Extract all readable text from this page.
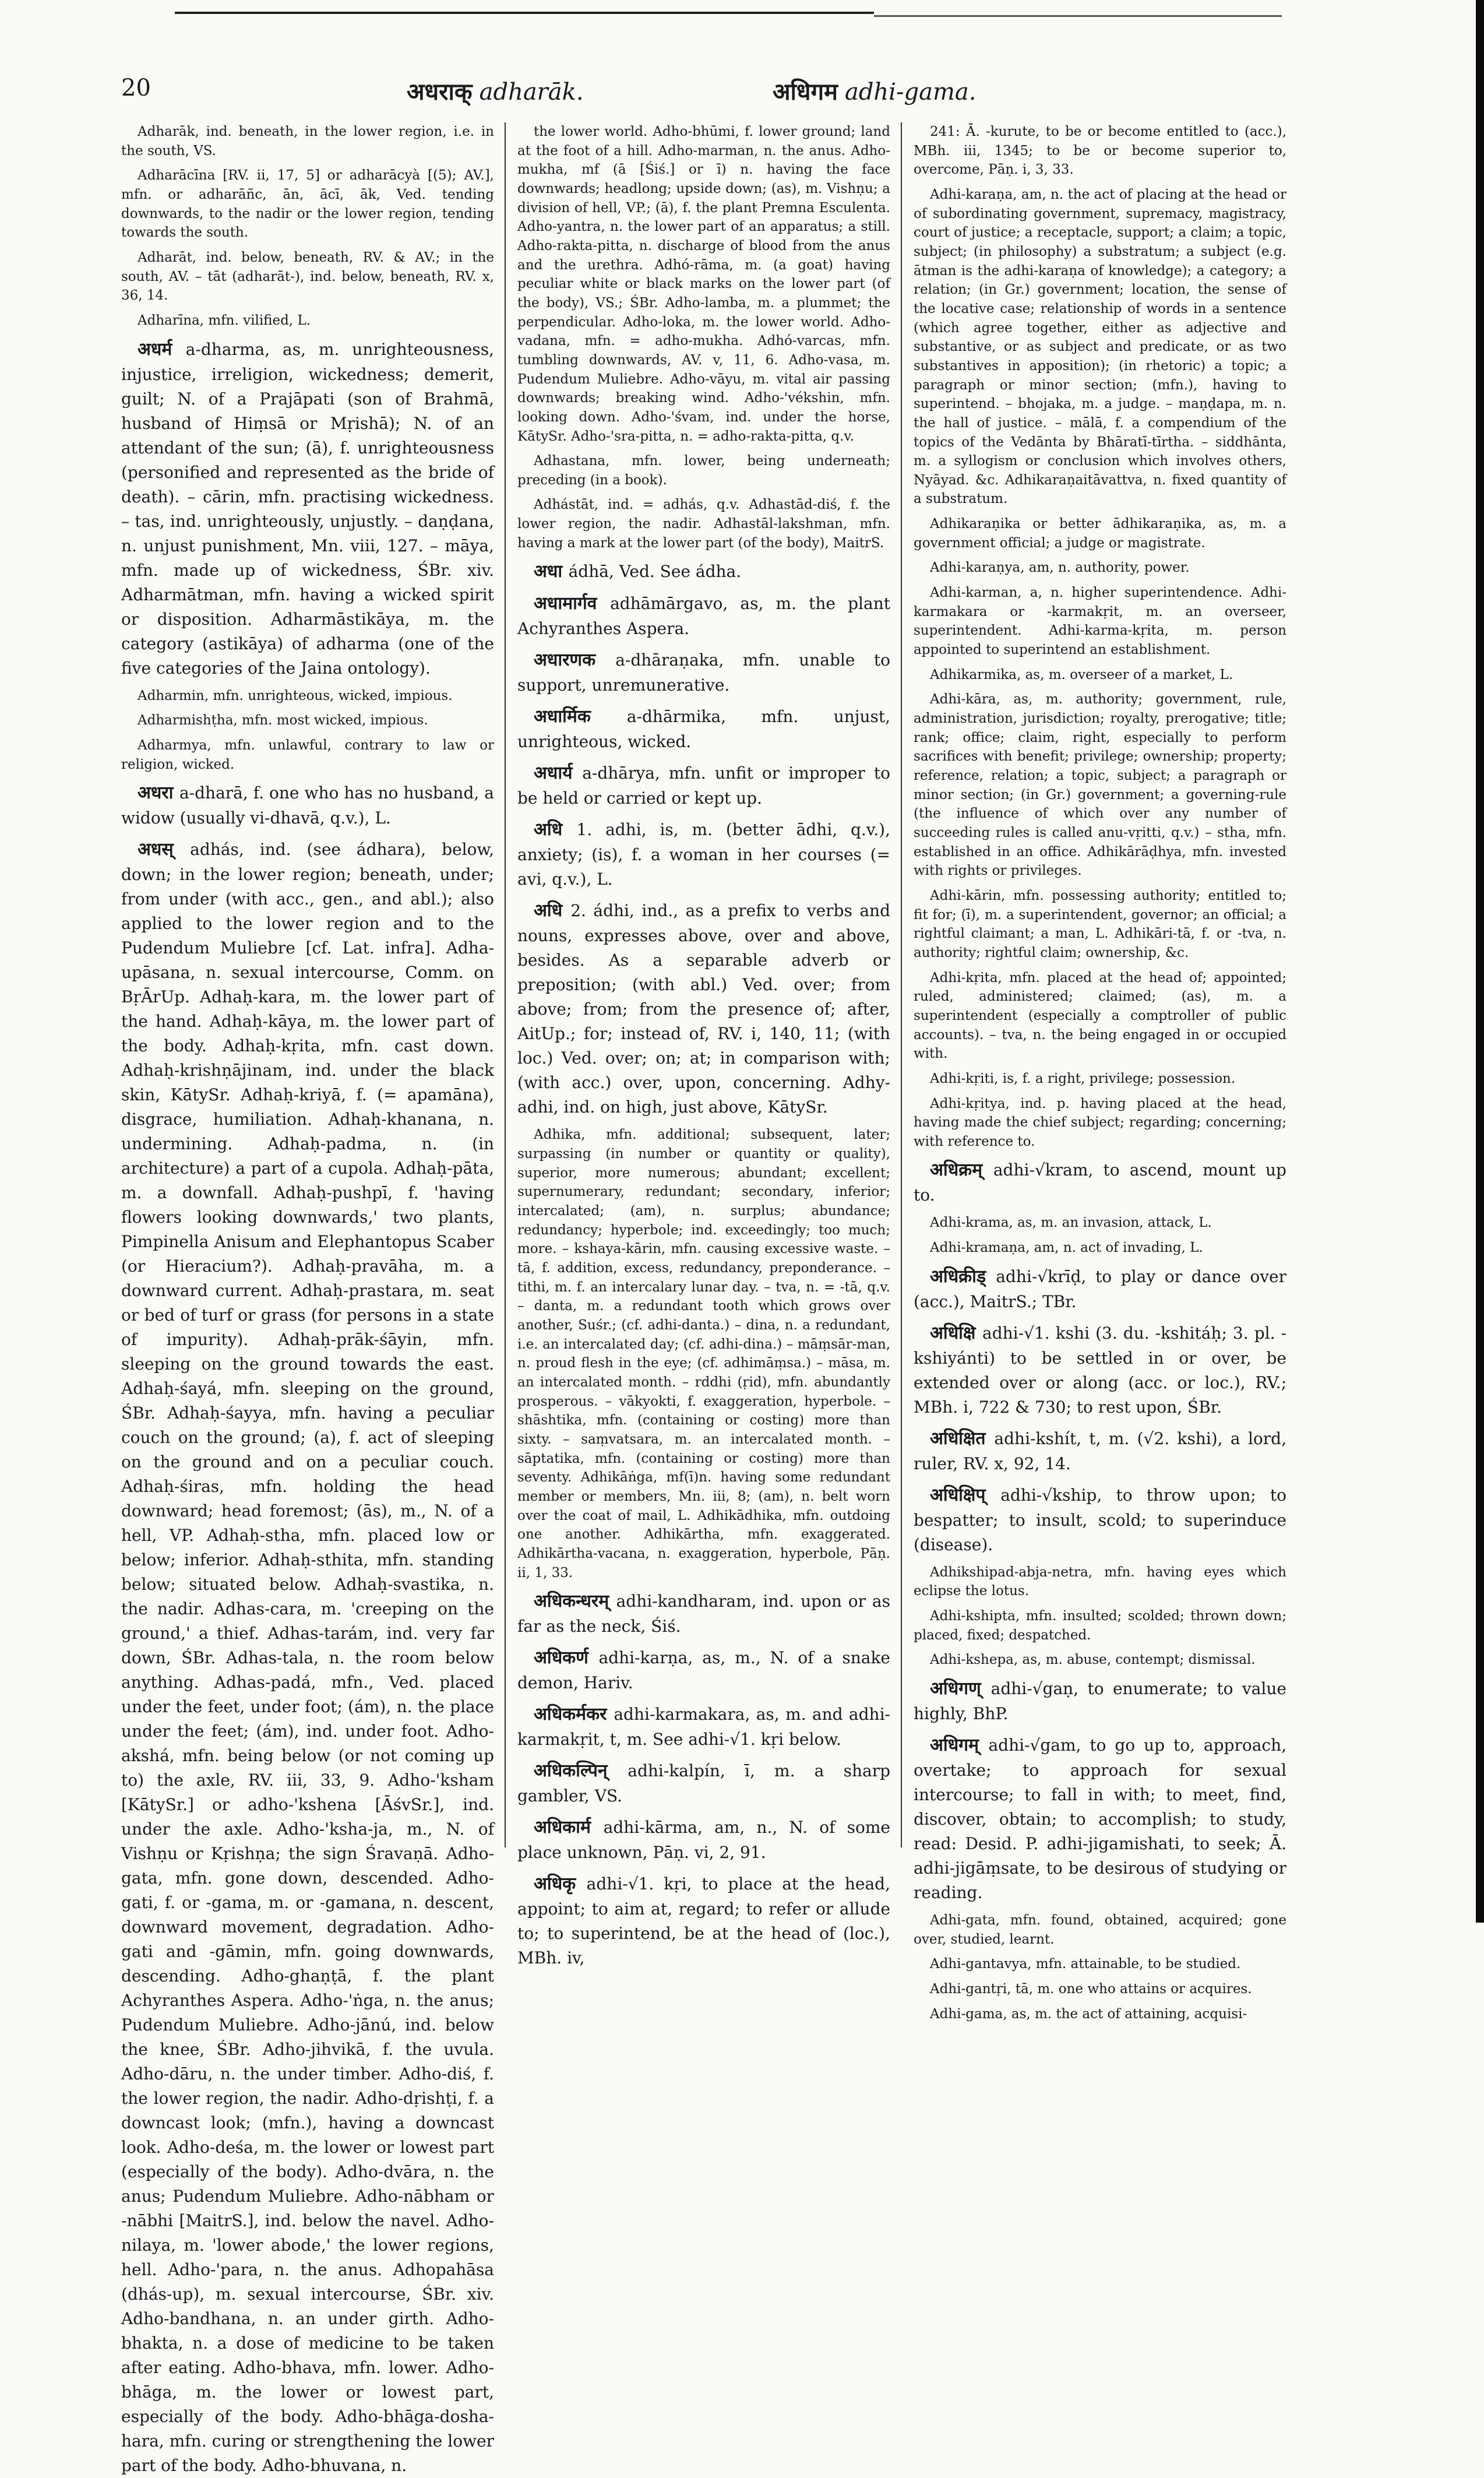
20	अधराक् adharāk.	अधिगम adhi-gama.

Adharāk, ind. beneath, in the lower region, i.e. in the south, VS.

Adharācīna [RV. ii, 17, 5] or adharācyà [(5); AV.], mfn. or adharāñc, ān, ācī, āk, Ved. tending downwards, to the nadir or the lower region, tending towards the south.

Adharāt, ind. below, beneath, RV. & AV.; in the south, AV. – tāt (adharāt-), ind. below, beneath, RV. x, 36, 14.

Adharīna, mfn. vilified, L.

अधर्म a-dharma, as, m. unrighteousness, injustice, irreligion, wickedness; demerit, guilt; N. of a Prajāpati (son of Brahmā, husband of Hiṃsā or Mṛishā); N. of an attendant of the sun; (ā), f. unrighteousness (personified and represented as the bride of death). – cārin, mfn. practising wickedness. – tas, ind. unrighteously, unjustly. – daṇḍana, n. unjust punishment, Mn. viii, 127. – māya, mfn. made up of wickedness, ŚBr. xiv. Adharmātman, mfn. having a wicked spirit or disposition. Adharmāstikāya, m. the category (astikāya) of adharma (one of the five categories of the Jaina ontology).

Adharmin, mfn. unrighteous, wicked, impious.

Adharmishṭha, mfn. most wicked, impious.

Adharmya, mfn. unlawful, contrary to law or religion, wicked.

अधरा a-dharā, f. one who has no husband, a widow (usually vi-dhavā, q.v.), L.

अधस् adhás, ind. (see ádhara), below, down; in the lower region; beneath, under; from under (with acc., gen., and abl.); also applied to the lower region and to the Pudendum Muliebre [cf. Lat. infra]. Adha-upāsana, n. sexual intercourse, Comm. on BṛĀrUp. Adhaḥ-kara, m. the lower part of the hand. Adhaḥ-kāya, m. the lower part of the body. Adhaḥ-kṛita, mfn. cast down. Adhaḥ-krishṇājinam, ind. under the black skin, KātySr. Adhaḥ-kriyā, f. (= apamāna), disgrace, humiliation. Adhaḥ-khanana, n. undermining. Adhaḥ-padma, n. (in architecture) a part of a cupola. Adhaḥ-pāta, m. a downfall. Adhaḥ-pushpī, f. 'having flowers looking downwards,' two plants, Pimpinella Anisum and Elephantopus Scaber (or Hieracium?). Adhaḥ-pravāha, m. a downward current. Adhaḥ-prastara, m. seat or bed of turf or grass (for persons in a state of impurity). Adhaḥ-prāk-śāyin, mfn. sleeping on the ground towards the east. Adhaḥ-śayá, mfn. sleeping on the ground, ŚBr. Adhaḥ-śayya, mfn. having a peculiar couch on the ground; (a), f. act of sleeping on the ground and on a peculiar couch. Adhaḥ-śiras, mfn. holding the head downward; head foremost; (ās), m., N. of a hell, VP. Adhaḥ-stha, mfn. placed low or below; inferior. Adhaḥ-sthita, mfn. standing below; situated below. Adhaḥ-svastika, n. the nadir. Adhas-cara, m. 'creeping on the ground,' a thief. Adhas-tarám, ind. very far down, ŚBr. Adhas-tala, n. the room below anything. Adhas-padá, mfn., Ved. placed under the feet, under foot; (ám), n. the place under the feet; (ám), ind. under foot. Adho-akshá, mfn. being below (or not coming up to) the axle, RV. iii, 33, 9. Adho-'ksham [KātySr.] or adho-'kshena [ĀśvSr.], ind. under the axle. Adho-'ksha-ja, m., N. of Vishṇu or Kṛishṇa; the sign Śravaṇā. Adho-gata, mfn. gone down, descended. Adho-gati, f. or -gama, m. or -gamana, n. descent, downward movement, degradation. Adho-gati and -gāmin, mfn. going downwards, descending. Adho-ghaṇṭā, f. the plant Achyranthes Aspera. Adho-'ṅga, n. the anus; Pudendum Muliebre. Adho-jānú, ind. below the knee, ŚBr. Adho-jihvikā, f. the uvula. Adho-dāru, n. the under timber. Adho-diś, f. the lower region, the nadir. Adho-dṛishṭi, f. a downcast look; (mfn.), having a downcast look. Adho-deśa, m. the lower or lowest part (especially of the body). Adho-dvāra, n. the anus; Pudendum Muliebre. Adho-nābham or -nābhi [MaitrS.], ind. below the navel. Adho-nilaya, m. 'lower abode,' the lower regions, hell. Adho-'para, n. the anus. Adhopahāsa (dhás-up), m. sexual intercourse, ŚBr. xiv. Adho-bandhana, n. an under girth. Adho-bhakta, n. a dose of medicine to be taken after eating. Adho-bhava, mfn. lower. Adho-bhāga, m. the lower or lowest part, especially of the body. Adho-bhāga-dosha-hara, mfn. curing or strengthening the lower part of the body. Adho-bhuvana, n.

the lower world. Adho-bhūmi, f. lower ground; land at the foot of a hill. Adho-marman, n. the anus. Adho-mukha, mf (ā [Śiś.] or ī) n. having the face downwards; headlong; upside down; (as), m. Vishṇu; a division of hell, VP.; (ā), f. the plant Premna Esculenta. Adho-yantra, n. the lower part of an apparatus; a still. Adho-rakta-pitta, n. discharge of blood from the anus and the urethra. Adhó-rāma, m. (a goat) having peculiar white or black marks on the lower part (of the body), VS.; ŚBr. Adho-lamba, m. a plummet; the perpendicular. Adho-loka, m. the lower world. Adho-vadana, mfn. = adho-mukha. Adhó-varcas, mfn. tumbling downwards, AV. v, 11, 6. Adho-vasa, m. Pudendum Muliebre. Adho-vāyu, m. vital air passing downwards; breaking wind. Adho-'vékshin, mfn. looking down. Adho-'śvam, ind. under the horse, KātySr. Adho-'sra-pitta, n. = adho-rakta-pitta, q.v.

Adhastana, mfn. lower, being underneath; preceding (in a book).

Adhástāt, ind. = adhás, q.v. Adhastād-diś, f. the lower region, the nadir. Adhastāl-lakshman, mfn. having a mark at the lower part (of the body), MaitrS.

अधा ádhā, Ved. See ádha.

अधामार्गव adhāmārgavo, as, m. the plant Achyranthes Aspera.

अधारणक a-dhāraṇaka, mfn. unable to support, unremunerative.

अधार्मिक a-dhārmika, mfn. unjust, unrighteous, wicked.

अधार्य a-dhārya, mfn. unfit or improper to be held or carried or kept up.

अधि 1. adhi, is, m. (better ādhi, q.v.), anxiety; (is), f. a woman in her courses (= avi, q.v.), L.

अधि 2. ádhi, ind., as a prefix to verbs and nouns, expresses above, over and above, besides. As a separable adverb or preposition; (with abl.) Ved. over; from above; from; from the presence of; after, AitUp.; for; instead of, RV. i, 140, 11; (with loc.) Ved. over; on; at; in comparison with; (with acc.) over, upon, concerning. Adhy-adhi, ind. on high, just above, KātySr.

Adhika, mfn. additional; subsequent, later; surpassing (in number or quantity or quality), superior, more numerous; abundant; excellent; supernumerary, redundant; secondary, inferior; intercalated; (am), n. surplus; abundance; redundancy; hyperbole; ind. exceedingly; too much; more. – kshaya-kārin, mfn. causing excessive waste. – tā, f. addition, excess, redundancy, preponderance. – tithi, m. f. an intercalary lunar day. – tva, n. = -tā, q.v. – danta, m. a redundant tooth which grows over another, Suśr.; (cf. adhi-danta.) – dina, n. a redundant, i.e. an intercalated day; (cf. adhi-dina.) – māṃsār-man, n. proud flesh in the eye; (cf. adhimāṃsa.) – māsa, m. an intercalated month. – rddhi (ṛid), mfn. abundantly prosperous. – vākyokti, f. exaggeration, hyperbole. – shāshtika, mfn. (containing or costing) more than sixty. – saṃvatsara, m. an intercalated month. – sāptatika, mfn. (containing or costing) more than seventy. Adhikāṅga, mf(ī)n. having some redundant member or members, Mn. iii, 8; (am), n. belt worn over the coat of mail, L. Adhikādhika, mfn. outdoing one another. Adhikārtha, mfn. exaggerated. Adhikārtha-vacana, n. exaggeration, hyperbole, Pāṇ. ii, 1, 33.

अधिकन्धरम् adhi-kandharam, ind. upon or as far as the neck, Śiś.

अधिकर्ण adhi-karṇa, as, m., N. of a snake demon, Hariv.

अधिकर्मकर adhi-karmakara, as, m. and adhi-karmakṛit, t, m. See adhi-√1. kṛi below.

अधिकल्पिन् adhi-kalpín, ī, m. a sharp gambler, VS.

अधिकार्म adhi-kārma, am, n., N. of some place unknown, Pāṇ. vi, 2, 91.

अधिकृ adhi-√1. kṛi, to place at the head, appoint; to aim at, regard; to refer or allude to; to superintend, be at the head of (loc.), MBh. iv,

241: Ā. -kurute, to be or become entitled to (acc.), MBh. iii, 1345; to be or become superior to, overcome, Pāṇ. i, 3, 33.

Adhi-karaṇa, am, n. the act of placing at the head or of subordinating government, supremacy, magistracy, court of justice; a receptacle, support; a claim; a topic, subject; (in philosophy) a substratum; a subject (e.g. ātman is the adhi-karaṇa of knowledge); a category; a relation; (in Gr.) government; location, the sense of the locative case; relationship of words in a sentence (which agree together, either as adjective and substantive, or as subject and predicate, or as two substantives in apposition); (in rhetoric) a topic; a paragraph or minor section; (mfn.), having to superintend. – bhojaka, m. a judge. – maṇḍapa, m. n. the hall of justice. – mālā, f. a compendium of the topics of the Vedānta by Bhāratī-tīrtha. – siddhānta, m. a syllogism or conclusion which involves others, Nyāyad. &c. Adhikaraṇaitāvattva, n. fixed quantity of a substratum.

Adhikaraṇika or better ādhikaraṇika, as, m. a government official; a judge or magistrate.

Adhi-karaṇya, am, n. authority, power.

Adhi-karman, a, n. higher superintendence. Adhi-karmakara or -karmakṛit, m. an overseer, superintendent. Adhi-karma-kṛita, m. person appointed to superintend an establishment.

Adhikarmika, as, m. overseer of a market, L.

Adhi-kāra, as, m. authority; government, rule, administration, jurisdiction; royalty, prerogative; title; rank; office; claim, right, especially to perform sacrifices with benefit; privilege; ownership; property; reference, relation; a topic, subject; a paragraph or minor section; (in Gr.) government; a governing-rule (the influence of which over any number of succeeding rules is called anu-vṛitti, q.v.) – stha, mfn. established in an office. Adhikārāḍhya, mfn. invested with rights or privileges.

Adhi-kārin, mfn. possessing authority; entitled to; fit for; (ī), m. a superintendent, governor; an official; a rightful claimant; a man, L. Adhikāri-tā, f. or -tva, n. authority; rightful claim; ownership, &c.

Adhi-kṛita, mfn. placed at the head of; appointed; ruled, administered; claimed; (as), m. a superintendent (especially a comptroller of public accounts). – tva, n. the being engaged in or occupied with.

Adhi-kṛiti, is, f. a right, privilege; possession.

Adhi-kṛitya, ind. p. having placed at the head, having made the chief subject; regarding; concerning; with reference to.

अधिक्रम् adhi-√kram, to ascend, mount up to.

Adhi-krama, as, m. an invasion, attack, L.

Adhi-kramaṇa, am, n. act of invading, L.

अधिक्रीड् adhi-√krīḍ, to play or dance over (acc.), MaitrS.; TBr.

अधिक्षि adhi-√1. kshi (3. du. -kshitáḥ; 3. pl. -kshiyánti) to be settled in or over, be extended over or along (acc. or loc.), RV.; MBh. i, 722 & 730; to rest upon, ŚBr.

अधिक्षित adhi-kshít, t, m. (√2. kshi), a lord, ruler, RV. x, 92, 14.

अधिक्षिप् adhi-√kship, to throw upon; to bespatter; to insult, scold; to superinduce (disease).

Adhikshipad-abja-netra, mfn. having eyes which eclipse the lotus.

Adhi-kshipta, mfn. insulted; scolded; thrown down; placed, fixed; despatched.

Adhi-kshepa, as, m. abuse, contempt; dismissal.

अधिगण् adhi-√gaṇ, to enumerate; to value highly, BhP.

अधिगम् adhi-√gam, to go up to, approach, overtake; to approach for sexual intercourse; to fall in with; to meet, find, discover, obtain; to accomplish; to study, read: Desid. P. adhi-jigamishati, to seek; Ā. adhi-jigāṃsate, to be desirous of studying or reading.

Adhi-gata, mfn. found, obtained, acquired; gone over, studied, learnt.

Adhi-gantavya, mfn. attainable, to be studied.

Adhi-gantṛi, tā, m. one who attains or acquires.

Adhi-gama, as, m. the act of attaining, acquisi-
